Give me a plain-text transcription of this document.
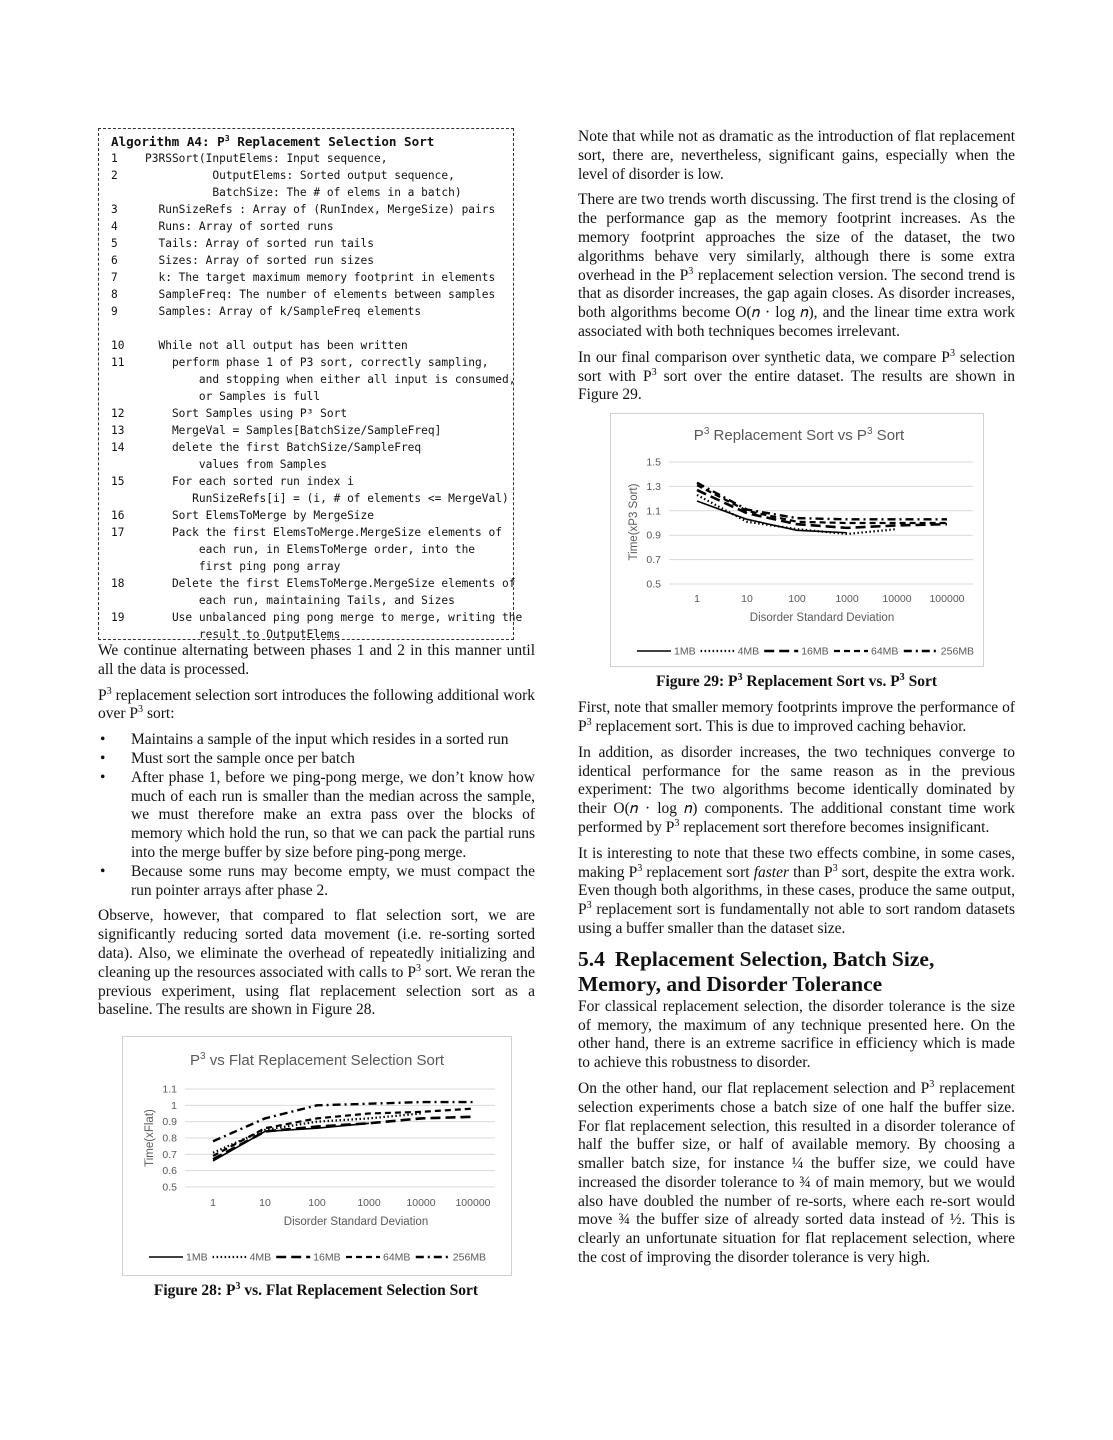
Algorithm A4: $P^3$ Replacement Selection Sort
1	P3RSSort(InputElems: Input sequence,
2	OutputElems: Sorted output sequence,
BatchSize: The # of elems in a batch)
3	RunSizeRefs : Array of (RunIndex, MergeSize) pairs
4	Runs: Array of sorted runs
5	Tails: Array of sorted run tails
6	Sizes: Array of sorted run sizes
7	k: The target maximum memory footprint in elements
8	SampleFreq: The number of elements between samples
9	Samples: Array of k/SampleFreq elements
10	While not all output has been written
11	perform phase 1 of P3 sort, correctly sampling,
and stopping when either all input is consumed,
or Samples is full
12	Sort Samples using P³ Sort
13	MergeVal = Samples[BatchSize/SampleFreq]
14	delete the first BatchSize/SampleFreq
values from Samples
15	For each sorted run index i
RunSizeRefs[i] = (i, # of elements <= MergeVal)
16	Sort ElemsToMerge by MergeSize
17	Pack the first ElemsToMerge.MergeSize elements of
each run, in ElemsToMerge order, into the
first ping pong array
18	Delete the first ElemsToMerge.MergeSize elements of
each run, maintaining Tails, and Sizes
19	Use unbalanced ping pong merge to merge, writing the
result to OutputElems

We continue alternating between phases 1 and 2 in this manner until all the data is processed.

$P^3$ replacement selection sort introduces the following additional work over $P^3$ sort:

• Maintains a sample of the input which resides in a sorted run
• Must sort the sample once per batch
• After phase 1, before we ping-pong merge, we don’t know how much of each run is smaller than the median across the sample, we must therefore make an extra pass over the blocks of memory which hold the run, so that we can pack the partial runs into the merge buffer by size before ping-pong merge.
• Because some runs may become empty, we must compact the run pointer arrays after phase 2.

Observe, however, that compared to flat selection sort, we are significantly reducing sorted data movement (i.e. re-sorting sorted data). Also, we eliminate the overhead of repeatedly initializing and cleaning up the resources associated with calls to $P^3$ sort. We reran the previous experiment, using flat replacement selection sort as a baseline. The results are shown in Figure 28.

$P^3$ vs Flat Replacement Selection Sort
1.1
1
0.9
0.8
0.7
0.6
0.5
1	10	100	1000 10000 100000
Time(xFlat)
Disorder Standard Deviation
1MB	4MB	16MB	64MB	256MB
Figure 28: $P^3$ vs. Flat Replacement Selection Sort

Note that while not as dramatic as the introduction of flat replacement sort, there are, nevertheless, significant gains, especially when the level of disorder is low.

There are two trends worth discussing. The first trend is the closing of the performance gap as the memory footprint increases. As the memory footprint approaches the size of the dataset, the two algorithms behave very similarly, although there is some extra overhead in the $P^3$ replacement selection version. The second trend is that as disorder increases, the gap again closes. As disorder increases, both algorithms become O(𝑛 · log 𝑛), and the linear time extra work associated with both techniques becomes irrelevant.

In our final comparison over synthetic data, we compare $P^3$ selection sort with $P^3$ sort over the entire dataset. The results are shown in Figure 29.

$P^3$ Replacement Sort vs $P^3$ Sort
1.5
1.3
1.1
0.9
0.7
0.5
1	10	100	1000 10000 100000
Time(xP3 Sort)
Disorder Standard Deviation
1MB	4MB	16MB	64MB	256MB
Figure 29: $P^3$ Replacement Sort vs. $P^3$ Sort

First, note that smaller memory footprints improve the performance of $P^3$ replacement sort. This is due to improved caching behavior.

In addition, as disorder increases, the two techniques converge to identical performance for the same reason as in the previous experiment: The two algorithms become identically dominated by their O(𝑛 · log 𝑛) components. The additional constant time work performed by $P^3$ replacement sort therefore becomes insignificant.

It is interesting to note that these two effects combine, in some cases, making $P^3$ replacement sort faster than $P^3$ sort, despite the extra work. Even though both algorithms, in these cases, produce the same output, $P^3$ replacement sort is fundamentally not able to sort random datasets using a buffer smaller than the dataset size.

5.4 Replacement Selection, Batch Size, Memory, and Disorder Tolerance

For classical replacement selection, the disorder tolerance is the size of memory, the maximum of any technique presented here. On the other hand, there is an extreme sacrifice in efficiency which is made to achieve this robustness to disorder.

On the other hand, our flat replacement selection and $P^3$ replacement selection experiments chose a batch size of one half the buffer size. For flat replacement selection, this resulted in a disorder tolerance of half the buffer size, or half of available memory. By choosing a smaller batch size, for instance ¼ the buffer size, we could have increased the disorder tolerance to ¾ of main memory, but we would also have doubled the number of re-sorts, where each re-sort would move ¾ the buffer size of already sorted data instead of ½. This is clearly an unfortunate situation for flat replacement selection, where the cost of improving the disorder tolerance is very high.
